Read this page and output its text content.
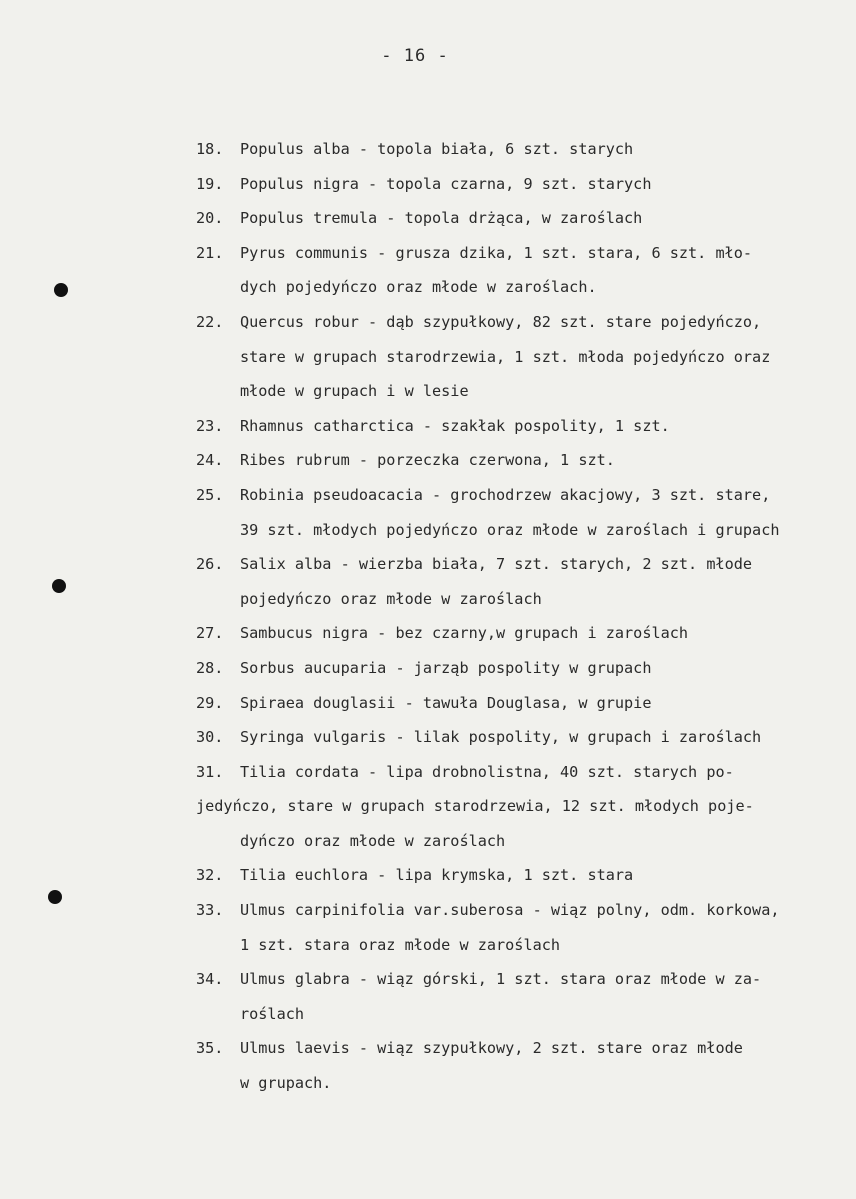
- 16 -
18.	Populus alba - topola biała, 6 szt. starych
19.	Populus nigra - topola czarna, 9 szt. starych
20.	Populus tremula - topola drżąca, w zaroślach
21.	Pyrus communis - grusza dzika, 1 szt. stara, 6 szt. mło-
dych pojedyńczo oraz młode w zaroślach.
22.	Quercus robur - dąb szypułkowy, 82 szt. stare pojedyńczo,
stare w grupach starodrzewia, 1 szt. młoda pojedyńczo oraz
młode w grupach i w lesie
23.	Rhamnus catharctica - szakłak pospolity, 1 szt.
24.	Ribes rubrum - porzeczka czerwona, 1 szt.
25.	Robinia pseudoacacia - grochodrzew akacjowy, 3 szt. stare,
39 szt. młodych pojedyńczo oraz młode w zaroślach i grupach
26.	Salix alba - wierzba biała, 7 szt. starych, 2 szt. młode
pojedyńczo oraz młode w zaroślach
27.	Sambucus nigra - bez czarny,w grupach i zaroślach
28.	Sorbus aucuparia - jarząb pospolity w grupach
29.	Spiraea douglasii - tawuła Douglasa, w grupie
30.	Syringa vulgaris - lilak pospolity, w grupach i zaroślach
31.	Tilia cordata - lipa drobnolistna, 40 szt. starych po-
jedyńczo, stare w grupach starodrzewia, 12 szt. młodych poje-
dyńczo oraz młode w zaroślach
32.	Tilia euchlora - lipa krymska, 1 szt. stara
33.	Ulmus carpinifolia var.suberosa - wiąz polny, odm. korkowa,
1 szt. stara oraz młode w zaroślach
34.	Ulmus glabra - wiąz górski, 1 szt. stara oraz młode w za-
roślach
35.	Ulmus laevis - wiąz szypułkowy, 2 szt. stare oraz młode
w grupach.
